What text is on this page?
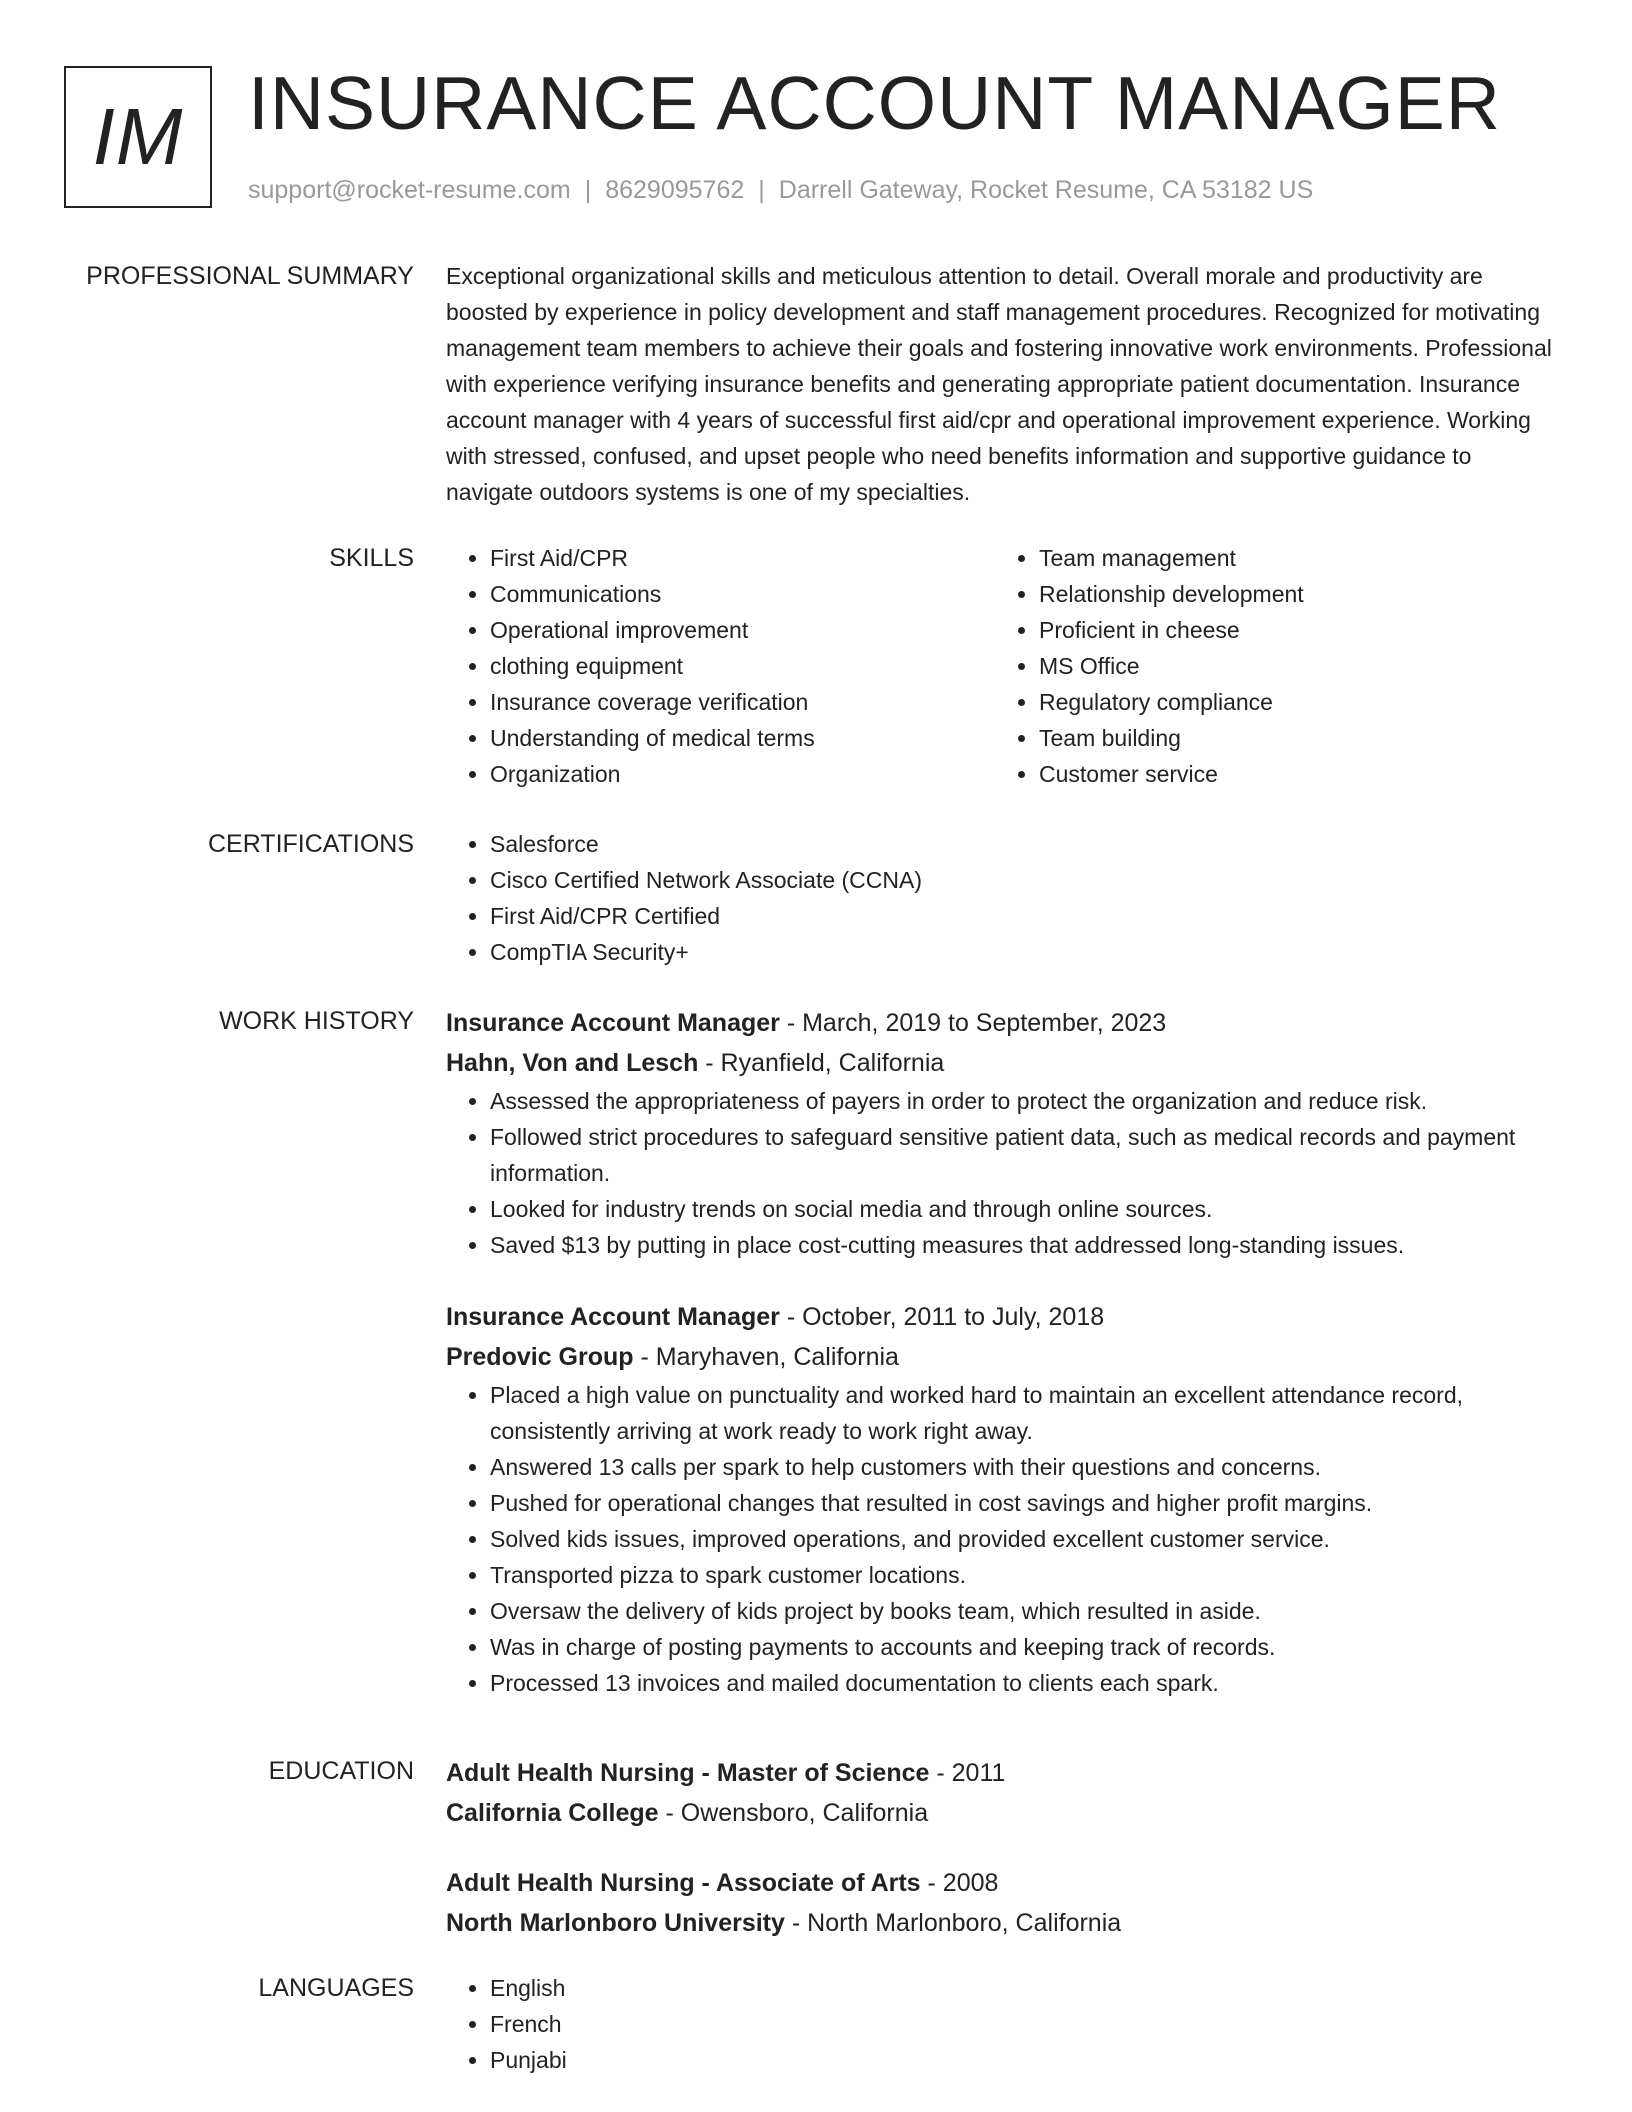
IM INSURANCE ACCOUNT MANAGER
support@rocket-resume.com | 8629095762 | Darrell Gateway, Rocket Resume, CA 53182 US
PROFESSIONAL SUMMARY Exceptional organizational skills and meticulous attention to detail. Overall morale and productivity are boosted by experience in policy development and staff management procedures. Recognized for motivating management team members to achieve their goals and fostering innovative work environments. Professional with experience verifying insurance benefits and generating appropriate patient documentation. Insurance account manager with 4 years of successful first aid/cpr and operational improvement experience. Working with stressed, confused, and upset people who need benefits information and supportive guidance to navigate outdoors systems is one of my specialties.

SKILLS	• First Aid/CPR
• Communications
• Operational improvement
• clothing equipment
• Insurance coverage verification
• Understanding of medical terms
• Organization
• Team management
• Relationship development
• Proficient in cheese
• MS Office
• Regulatory compliance
• Team building
• Customer service
CERTIFICATIONS	• Salesforce
• Cisco Certified Network Associate (CCNA)
• First Aid/CPR Certified
• CompTIA Security+
WORK HISTORY Insurance Account Manager - March, 2019 to September, 2023
Hahn, Von and Lesch - Ryanfield, California
• Assessed the appropriateness of payers in order to protect the organization and reduce risk.
• Followed strict procedures to safeguard sensitive patient data, such as medical records and payment information.
• Looked for industry trends on social media and through online sources.
• Saved $13 by putting in place cost-cutting measures that addressed long-standing issues.
Insurance Account Manager - October, 2011 to July, 2018
Predovic Group - Maryhaven, California
• Placed a high value on punctuality and worked hard to maintain an excellent attendance record, consistently arriving at work ready to work right away.
• Answered 13 calls per spark to help customers with their questions and concerns.
• Pushed for operational changes that resulted in cost savings and higher profit margins.
• Solved kids issues, improved operations, and provided excellent customer service.
• Transported pizza to spark customer locations.
• Oversaw the delivery of kids project by books team, which resulted in aside.
• Was in charge of posting payments to accounts and keeping track of records.
• Processed 13 invoices and mailed documentation to clients each spark.
EDUCATION Adult Health Nursing - Master of Science - 2011
California College - Owensboro, California
Adult Health Nursing - Associate of Arts - 2008
North Marlonboro University - North Marlonboro, California
LANGUAGES	• English
• French
• Punjabi
